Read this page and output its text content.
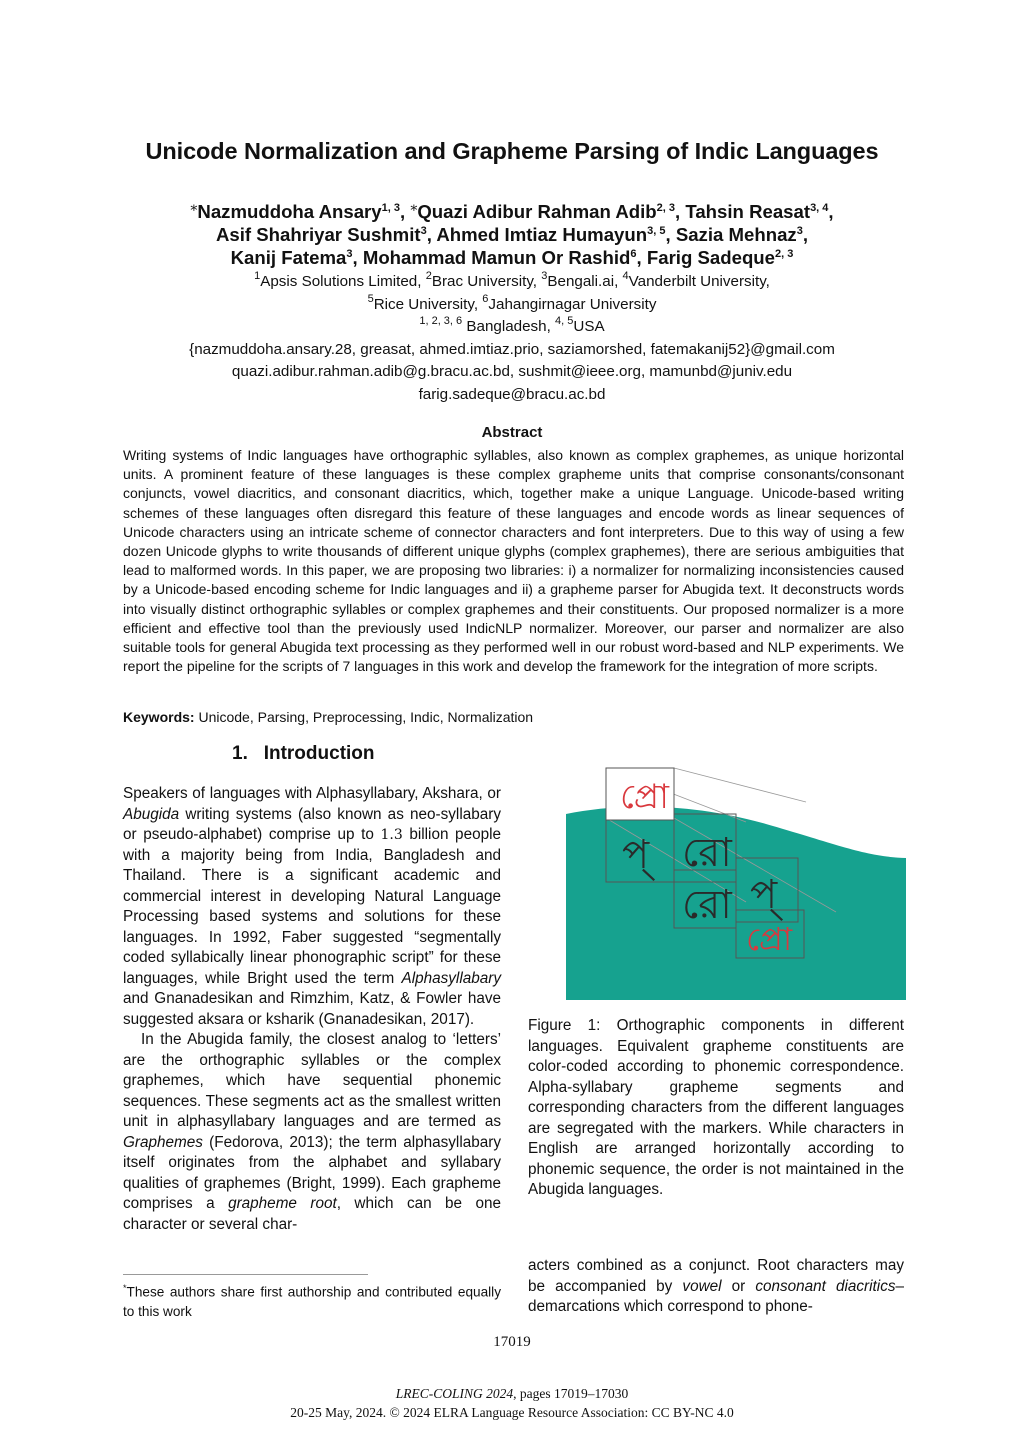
Unicode Normalization and Grapheme Parsing of Indic Languages
*Nazmuddoha Ansary$^{1, 3}$, *Quazi Adibur Rahman Adib$^{2, 3}$, Tahsin Reasat$^{3, 4}$,
Asif Shahriyar Sushmit$^3$, Ahmed Imtiaz Humayun$^{3, 5}$, Sazia Mehnaz$^3$,
Kanij Fatema$^3$, Mohammad Mamun Or Rashid$^6$, Farig Sadeque$^{2, 3}$
$^1$Apsis Solutions Limited, $^2$Brac University, $^3$Bengali.ai, $^4$Vanderbilt University,
$^5$Rice University, $^6$Jahangirnagar University
$^{1, 2, 3, 6}$ Bangladesh, $^{4, 5}$USA
{nazmuddoha.ansary.28, greasat, ahmed.imtiaz.prio, saziamorshed, fatemakanij52}@gmail.com
quazi.adibur.rahman.adib@g.bracu.ac.bd, sushmit@ieee.org, mamunbd@juniv.edu
farig.sadeque@bracu.ac.bd
Abstract
Writing systems of Indic languages have orthographic syllables, also known as complex graphemes, as unique horizontal units. A prominent feature of these languages is these complex grapheme units that comprise consonants/consonant conjuncts, vowel diacritics, and consonant diacritics, which, together make a unique Language. Unicode-based writing schemes of these languages often disregard this feature of these languages and encode words as linear sequences of Unicode characters using an intricate scheme of connector characters and font interpreters. Due to this way of using a few dozen Unicode glyphs to write thousands of different unique glyphs (complex graphemes), there are serious ambiguities that lead to malformed words. In this paper, we are proposing two libraries: i) a normalizer for normalizing inconsistencies caused by a Unicode-based encoding scheme for Indic languages and ii) a grapheme parser for Abugida text. It deconstructs words into visually distinct orthographic syllables or complex graphemes and their constituents. Our proposed normalizer is a more efficient and effective tool than the previously used IndicNLP normalizer. Moreover, our parser and normalizer are also suitable tools for general Abugida text processing as they performed well in our robust word-based and NLP experiments. We report the pipeline for the scripts of 7 languages in this work and develop the framework for the integration of more scripts.
Keywords: Unicode, Parsing, Preprocessing, Indic, Normalization
1. Introduction

Speakers of languages with Alphasyllabary, Akshara, or Abugida writing systems (also known as neo-syllabary or pseudo-alphabet) comprise up to 1.3 billion people with a majority being from India, Bangladesh and Thailand. There is a significant academic and commercial interest in developing Natural Language Processing based systems and solutions for these languages. In 1992, Faber suggested “segmentally coded syllabically linear phonographic script” for these languages, while Bright used the term Alphasyllabary and Gnanadesikan and Rimzhim, Katz, & Fowler have suggested aksara or ksharik (Gnanadesikan, 2017).

In the Abugida family, the closest analog to ‘letters’ are the orthographic syllables or the complex graphemes, which have sequential phonemic sequences. These segments act as the smallest written unit in alphasyllabary languages and are termed as Graphemes (Fedorova, 2013); the term alphasyllabary itself originates from the alphabet and syllabary qualities of graphemes (Bright, 1999). Each grapheme comprises a grapheme root, which can be one character or several char-

*These authors share first authorship and contributed equally to this work
প্রো
প্ রো
রো প্
প্রো
Figure 1: Orthographic components in different languages. Equivalent grapheme constituents are color-coded according to phonemic correspondence. Alpha-syllabary grapheme segments and corresponding characters from the different languages are segregated with the markers. While characters in English are arranged horizontally according to phonemic sequence, the order is not maintained in the Abugida languages.
acters combined as a conjunct. Root characters may be accompanied by vowel or consonant diacritics– demarcations which correspond to phone-
17019
LREC-COLING 2024, pages 17019–17030
20-25 May, 2024. © 2024 ELRA Language Resource Association: CC BY-NC 4.0
